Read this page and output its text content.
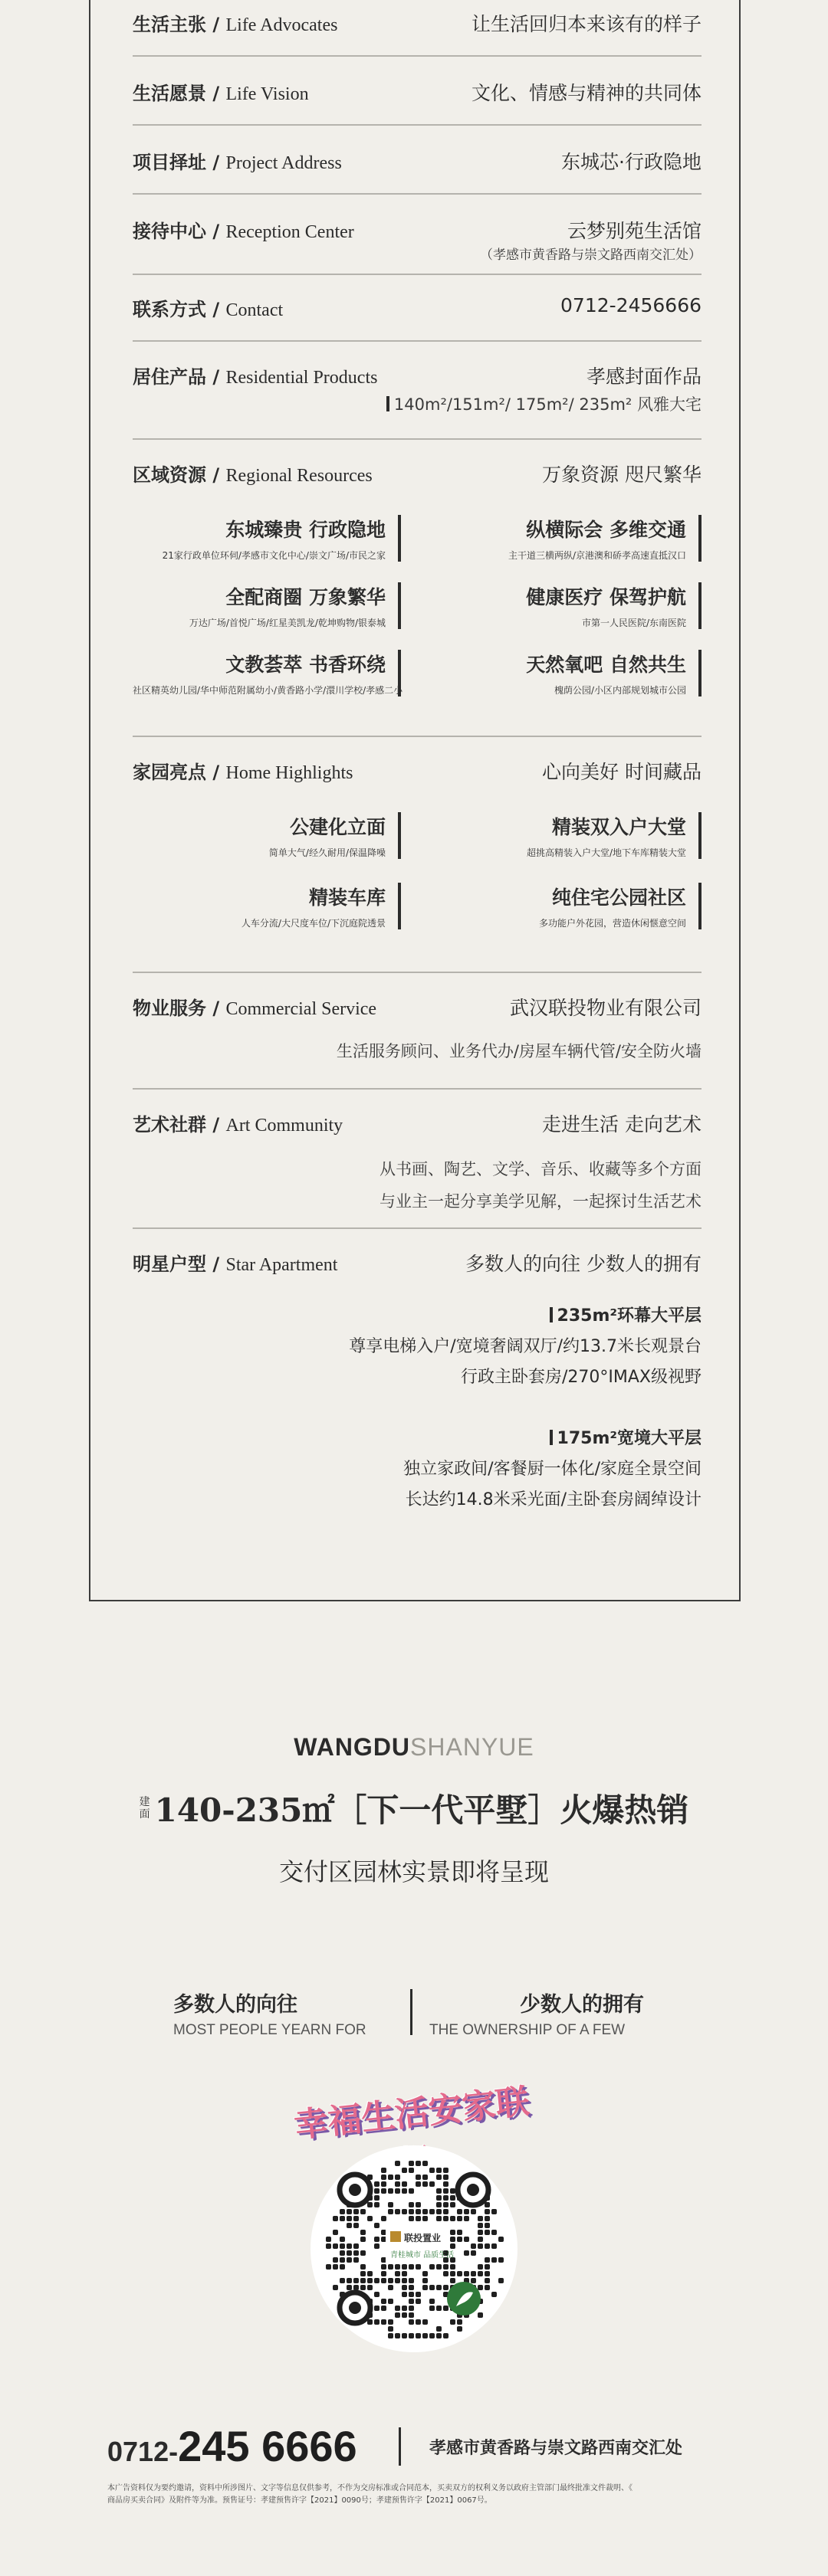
生活主张 / Life Advocates	让生活回归本来该有的样子
生活愿景 / Life Vision	文化、情感与精神的共同体
项目择址 / Project Address	东城芯·行政隐地
接待中心 / Reception Center	云梦别苑生活馆
（孝感市黄香路与崇文路西南交汇处）
联系方式 / Contact	0712-2456666
居住产品 / Residential Products	孝感封面作品
140m²/151m²/ 175m²/ 235m² 风雅大宅
区域资源 / Regional Resources	万象资源 咫尺繁华
东城臻贵 行政隐地
21家行政单位环伺/孝感市文化中心/崇文广场/市民之家
纵横际会 多维交通
主干道三横两纵/京港澳和硚孝高速直抵汉口
全配商圈 万象繁华
万达广场/首悦广场/红星美凯龙/乾坤购物/银泰城
健康医疗 保驾护航
市第一人民医院/东南医院
文教荟萃 书香环绕
社区精英幼儿园/华中师范附属幼小/黄香路小学/澴川学校/孝感二小
天然氧吧 自然共生
槐荫公园/小区内部规划城市公园
家园亮点 / Home Highlights	心向美好 时间藏品
公建化立面
简单大气/经久耐用/保温降噪
精装双入户大堂
超挑高精装入户大堂/地下车库精装大堂
精装车库
人车分流/大尺度车位/下沉庭院透景
纯住宅公园社区
多功能户外花园，营造休闲惬意空间
物业服务 / Commercial Service	武汉联投物业有限公司
生活服务顾问、业务代办/房屋车辆代管/安全防火墙
艺术社群 / Art Community	走进生活 走向艺术
从书画、陶艺、文学、音乐、收藏等多个方面
与业主一起分享美学见解，一起探讨生活艺术
明星户型 / Star Apartment	多数人的向往 少数人的拥有
235m²环幕大平层
尊享电梯入户/宽境奢阔双厅/约13.7米长观景台
行政主卧套房/270°IMAX级视野
175m²宽境大平层
独立家政间/客餐厨一体化/家庭全景空间
长达约14.8米采光面/主卧套房阔绰设计
WANGDUSHANYUE
建
面 140-235㎡［下一代平墅］火爆热销
交付区园林实景即将呈现
多数人的向往
MOST PEOPLE YEARN FOR
少数人的拥有
THE OWNERSHIP OF A FEW
幸福生活安家联投
联投置业
青桂城市 品质生活
0712-245 6666	孝感市黄香路与崇文路西南交汇处
本广告资料仅为要约邀请，资料中所涉图片、文字等信息仅供参考，不作为交房标准或合同范本，买卖双方的权利义务以政府主管部门最终批准文件裁明、《
商品房买卖合同》及附件等为准。预售证号：孝建预售许字【2021】0090号；孝建预售许字【2021】0067号。
